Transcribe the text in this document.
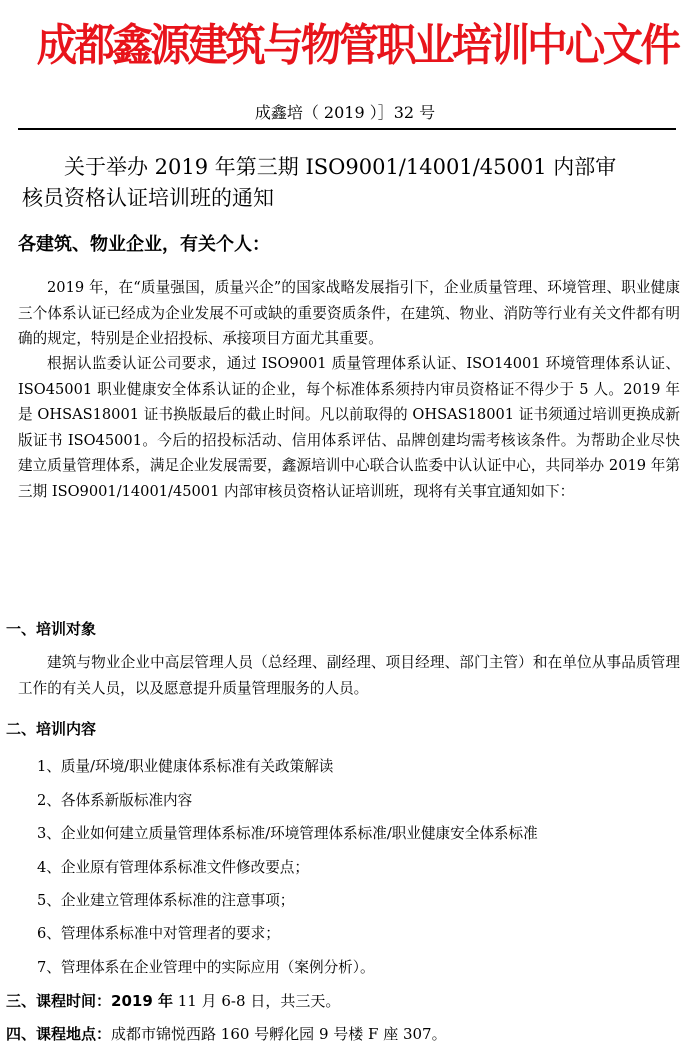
成都鑫源建筑与物管职业培训中心文件
成鑫培（ 2019 ）］32 号
关于举办 2019 年第三期 ISO9001/14001/45001 内部审
核员资格认证培训班的通知
各建筑、物业企业，有关个人：

2019 年，在“质量强国，质量兴企”的国家战略发展指引下，企业质量管理、环境管理、职业健康三个体系认证已经成为企业发展不可或缺的重要资质条件，在建筑、物业、消防等行业有关文件都有明确的规定，特别是企业招投标、承接项目方面尤其重要。

根据认监委认证公司要求，通过 ISO9001 质量管理体系认证、ISO14001 环境管理体系认证、ISO45001 职业健康安全体系认证的企业，每个标准体系须持内审员资格证不得少于 5 人。2019 年是 OHSAS18001 证书换版最后的截止时间。凡以前取得的 OHSAS18001 证书须通过培训更换成新版证书 ISO45001。今后的招投标活动、信用体系评估、品牌创建均需考核该条件。为帮助企业尽快建立质量管理体系，满足企业发展需要，鑫源培训中心联合认监委中认认证中心，共同举办 2019 年第三期 ISO9001/14001/45001 内部审核员资格认证培训班，现将有关事宜通知如下：

一、培训对象

建筑与物业企业中高层管理人员（总经理、副经理、项目经理、部门主管）和在单位从事品质管理工作的有关人员，以及愿意提升质量管理服务的人员。

二、培训内容
1、质量/环境/职业健康体系标准有关政策解读
2、各体系新版标准内容
3、企业如何建立质量管理体系标准/环境管理体系标准/职业健康安全体系标准
4、企业原有管理体系标准文件修改要点；
5、企业建立管理体系标准的注意事项；
6、管理体系标准中对管理者的要求；
7、管理体系在企业管理中的实际应用（案例分析）。
三、课程时间：2019 年 11 月 6-8 日，共三天。
四、课程地点：成都市锦悦西路 160 号孵化园 9 号楼 F 座 307。
